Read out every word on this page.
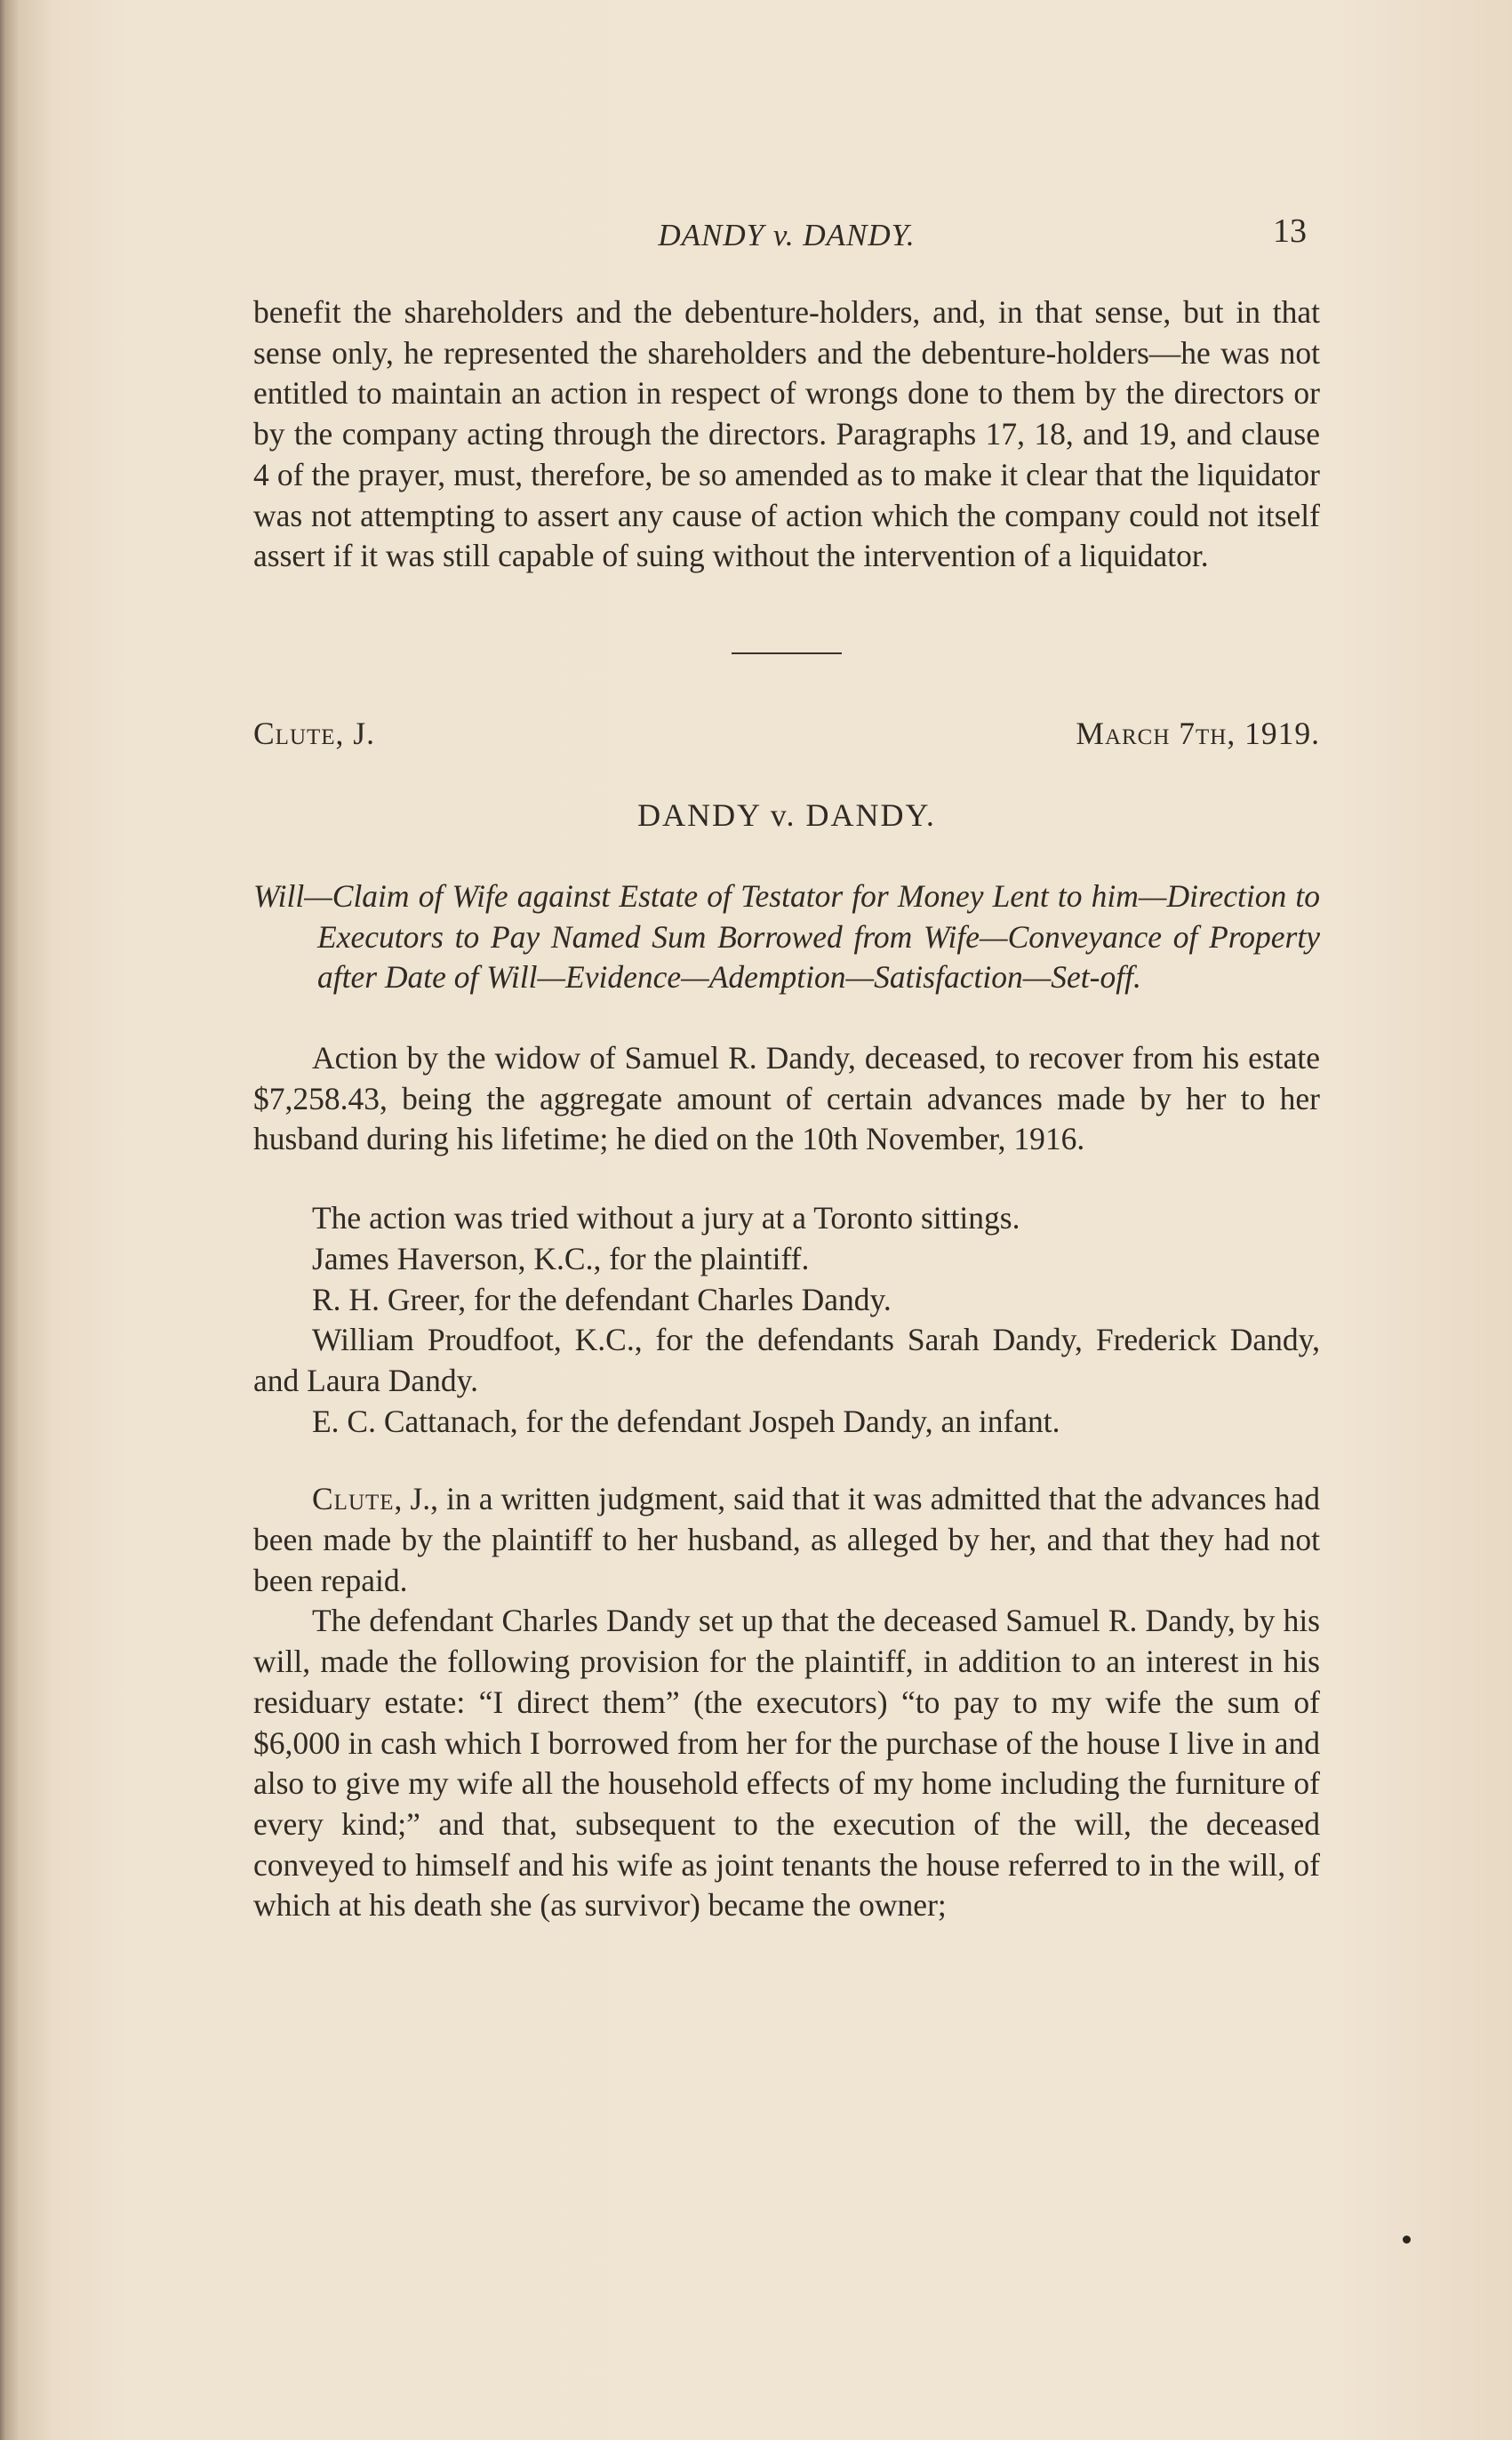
DANDY v. DANDY.	13

benefit the shareholders and the debenture-holders, and, in that sense, but in that sense only, he represented the shareholders and the debenture-holders—he was not entitled to maintain an action in respect of wrongs done to them by the directors or by the company acting through the directors. Paragraphs 17, 18, and 19, and clause 4 of the prayer, must, therefore, be so amended as to make it clear that the liquidator was not attempting to assert any cause of action which the company could not itself assert if it was still capable of suing without the intervention of a liquidator.

Clute, J.	March 7th, 1919.
DANDY v. DANDY.
Will—Claim of Wife against Estate of Testator for Money Lent to him—Direction to Executors to Pay Named Sum Borrowed from Wife—Conveyance of Property after Date of Will—Evidence—Ademption—Satisfaction—Set-off.

Action by the widow of Samuel R. Dandy, deceased, to recover from his estate $7,258.43, being the aggregate amount of certain advances made by her to her husband during his lifetime; he died on the 10th November, 1916.

The action was tried without a jury at a Toronto sittings.

James Haverson, K.C., for the plaintiff.

R. H. Greer, for the defendant Charles Dandy.

William Proudfoot, K.C., for the defendants Sarah Dandy, Frederick Dandy, and Laura Dandy.

E. C. Cattanach, for the defendant Jospeh Dandy, an infant.

Clute, J., in a written judgment, said that it was admitted that the advances had been made by the plaintiff to her husband, as alleged by her, and that they had not been repaid.

The defendant Charles Dandy set up that the deceased Samuel R. Dandy, by his will, made the following provision for the plaintiff, in addition to an interest in his residuary estate: “I direct them” (the executors) “to pay to my wife the sum of $6,000 in cash which I borrowed from her for the purchase of the house I live in and also to give my wife all the household effects of my home including the furniture of every kind;” and that, subsequent to the execution of the will, the deceased conveyed to himself and his wife as joint tenants the house referred to in the will, of which at his death she (as survivor) became the owner;
